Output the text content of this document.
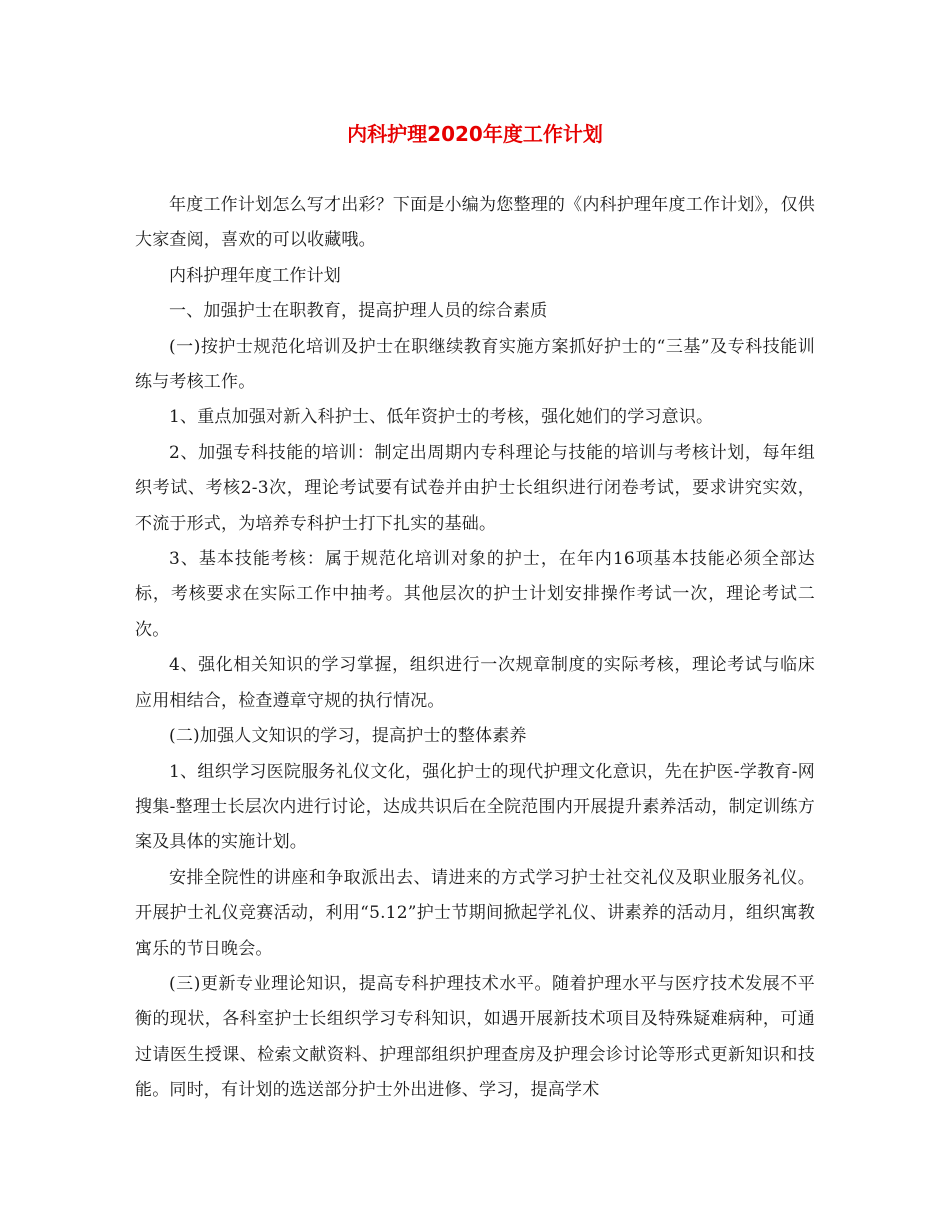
内科护理2020年度工作计划

年度工作计划怎么写才出彩？下面是小编为您整理的《内科护理年度工作计划》，仅供大家查阅，喜欢的可以收藏哦。

内科护理年度工作计划

一、加强护士在职教育，提高护理人员的综合素质

(一)按护士规范化培训及护士在职继续教育实施方案抓好护士的“三基”及专科技能训练与考核工作。

1、重点加强对新入科护士、低年资护士的考核，强化她们的学习意识。

2、加强专科技能的培训：制定出周期内专科理论与技能的培训与考核计划，每年组织考试、考核2-3次，理论考试要有试卷并由护士长组织进行闭卷考试，要求讲究实效，不流于形式，为培养专科护士打下扎实的基础。

3、基本技能考核：属于规范化培训对象的护士，在年内16项基本技能必须全部达标，考核要求在实际工作中抽考。其他层次的护士计划安排操作考试一次，理论考试二次。

4、强化相关知识的学习掌握，组织进行一次规章制度的实际考核，理论考试与临床应用相结合，检查遵章守规的执行情况。

(二)加强人文知识的学习，提高护士的整体素养

1、组织学习医院服务礼仪文化，强化护士的现代护理文化意识，先在护医-学教育-网搜集-整理士长层次内进行讨论，达成共识后在全院范围内开展提升素养活动，制定训练方案及具体的实施计划。

安排全院性的讲座和争取派出去、请进来的方式学习护士社交礼仪及职业服务礼仪。开展护士礼仪竞赛活动，利用“5.12”护士节期间掀起学礼仪、讲素养的活动月，组织寓教寓乐的节日晚会。

(三)更新专业理论知识，提高专科护理技术水平。随着护理水平与医疗技术发展不平衡的现状，各科室护士长组织学习专科知识，如遇开展新技术项目及特殊疑难病种，可通过请医生授课、检索文献资料、护理部组织护理查房及护理会诊讨论等形式更新知识和技能。同时，有计划的选送部分护士外出进修、学习，提高学术
